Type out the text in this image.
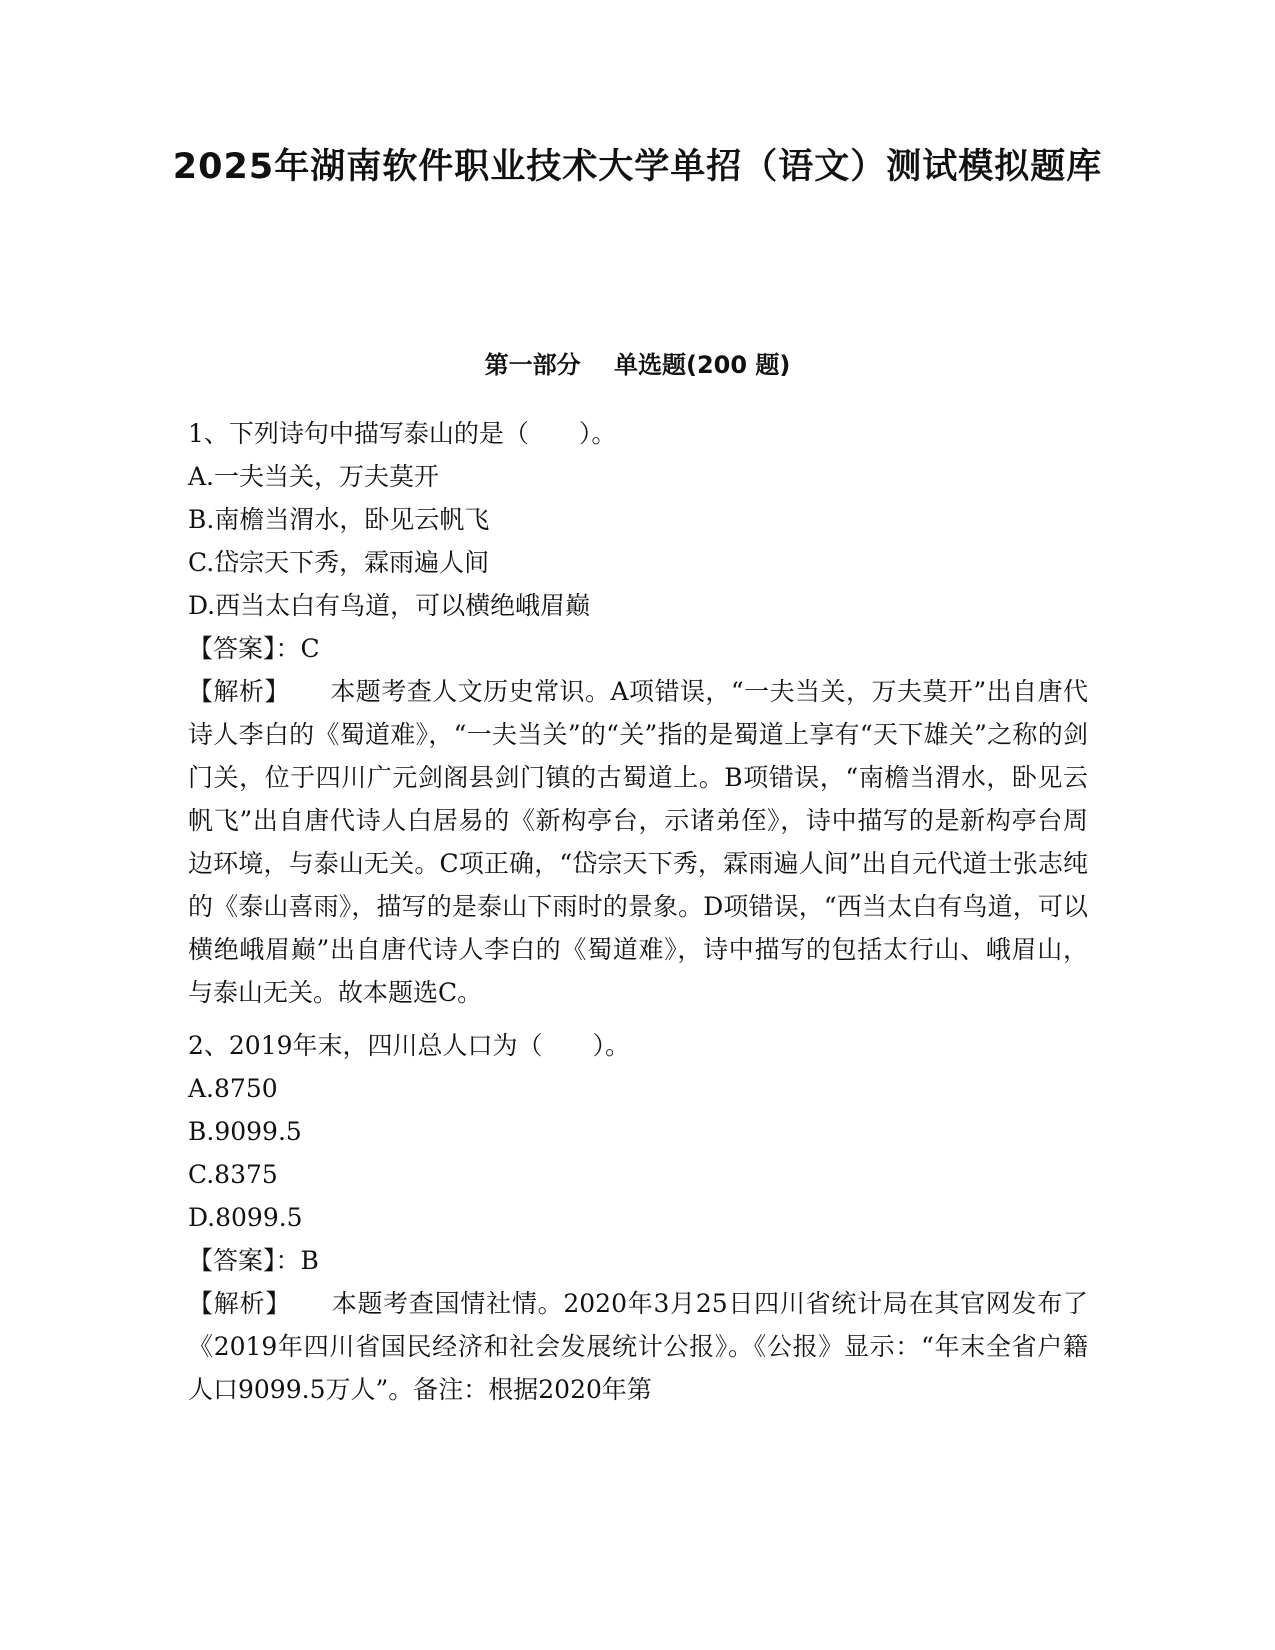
2025年湖南软件职业技术大学单招（语文）测试模拟题库
第一部分    单选题(200 题)
1、下列诗句中描写泰山的是（　　）。
A.一夫当关，万夫莫开
B.南檐当渭水，卧见云帆飞
C.岱宗天下秀，霖雨遍人间
D.西当太白有鸟道，可以横绝峨眉巅
【答案】：C
【解析】 本题考查人文历史常识。A项错误，“一夫当关，万夫莫开”出自唐代诗人李白的《蜀道难》，“一夫当关”的“关”指的是蜀道上享有“天下雄关”之称的剑门关，位于四川广元剑阁县剑门镇的古蜀道上。B项错误，“南檐当渭水，卧见云帆飞”出自唐代诗人白居易的《新构亭台，示诸弟侄》，诗中描写的是新构亭台周边环境，与泰山无关。C项正确，“岱宗天下秀，霖雨遍人间”出自元代道士张志纯的《泰山喜雨》，描写的是泰山下雨时的景象。D项错误，“西当太白有鸟道，可以横绝峨眉巅”出自唐代诗人李白的《蜀道难》，诗中描写的包括太行山、峨眉山，与泰山无关。故本题选C。
2、2019年末，四川总人口为（　　）。
A.8750
B.9099.5
C.8375
D.8099.5
【答案】：B
【解析】 本题考查国情社情。2020年3月25日四川省统计局在其官网发布了《2019年四川省国民经济和社会发展统计公报》。《公报》显示：“年末全省户籍人口9099.5万人”。备注：根据2020年第
